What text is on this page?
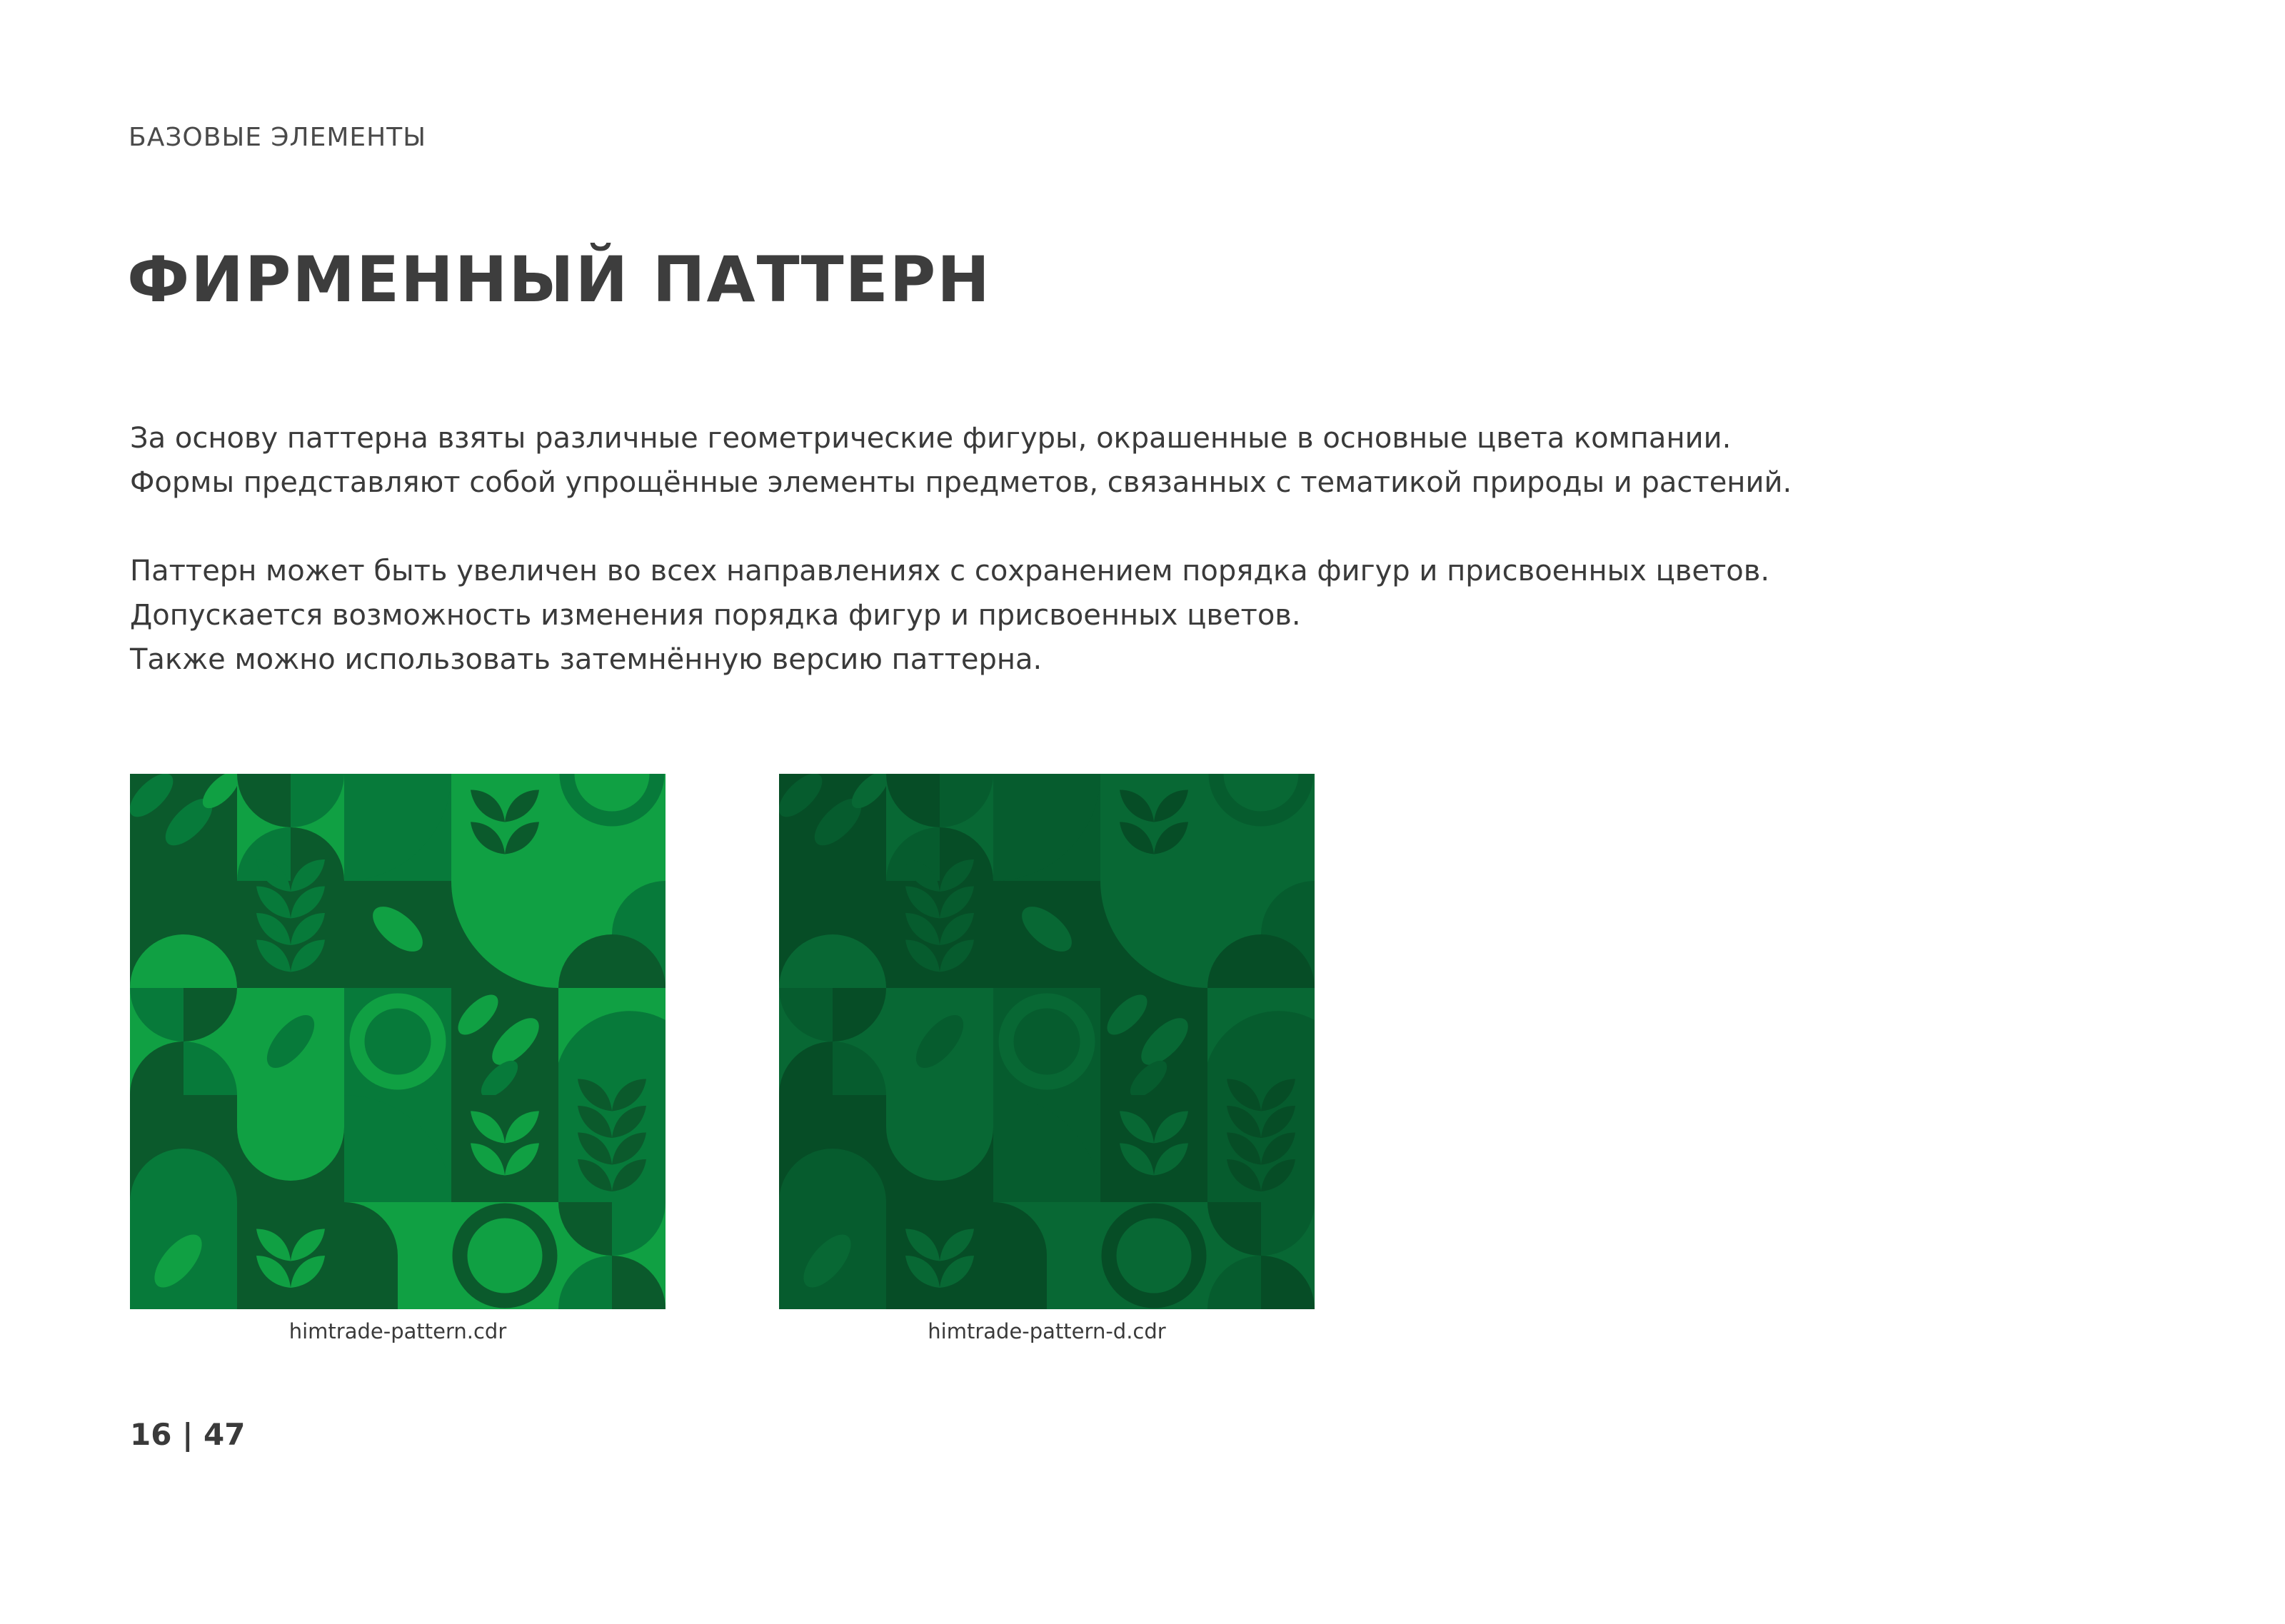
БАЗОВЫЕ ЭЛЕМЕНТЫ
ФИРМЕННЫЙ ПАТТЕРН

За основу паттерна взяты различные геометрические фигуры, окрашенные в основные цвета компании.

Формы представляют собой упрощённые элементы предметов, связанных с тематикой природы и растений.

Паттерн может быть увеличен во всех направлениях с сохранением порядка фигур и присвоенных цветов.

Допускается возможность изменения порядка фигур и присвоенных цветов.

Также можно использовать затемнённую версию паттерна.

himtrade-pattern.cdr	himtrade-pattern-d.cdr
16 | 47
